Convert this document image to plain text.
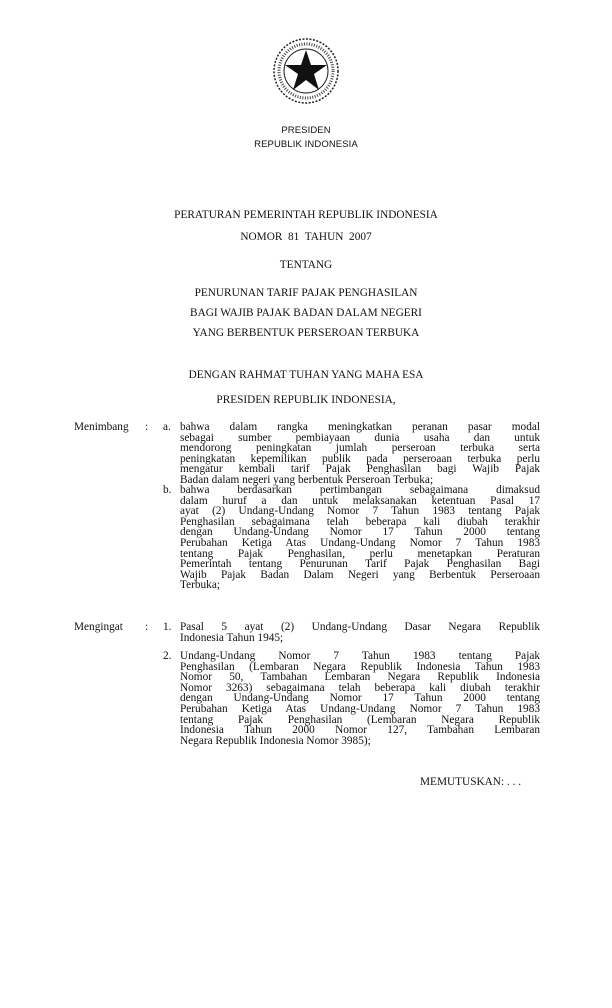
PRESIDEN
REPUBLIK INDONESIA
PERATURAN PEMERINTAH REPUBLIK INDONESIA
NOMOR  81  TAHUN  2007
TENTANG
PENURUNAN TARIF PAJAK PENGHASILAN
BAGI WAJIB PAJAK BADAN DALAM NEGERI
YANG BERBENTUK PERSEROAN TERBUKA
DENGAN RAHMAT TUHAN YANG MAHA ESA
PRESIDEN REPUBLIK INDONESIA,
Menimbang : a. bahwa dalam rangka meningkatkan peranan pasar modal
sebagai sumber pembiayaan dunia usaha dan untuk
mendorong peningkatan jumlah perseroan terbuka serta
peningkatan kepemilikan publik pada perseroaan terbuka perlu
mengatur kembali tarif Pajak Penghasilan bagi Wajib Pajak
Badan dalam negeri yang berbentuk Perseroan Terbuka;
b. bahwa berdasarkan pertimbangan sebagaimana dimaksud
dalam huruf a dan untuk melaksanakan ketentuan Pasal 17
ayat (2) Undang-Undang Nomor 7 Tahun 1983 tentang Pajak
Penghasilan sebagaimana telah beberapa kali diubah terakhir
dengan Undang-Undang Nomor 17 Tahun 2000 tentang
Perubahan Ketiga Atas Undang-Undang Nomor 7 Tahun 1983
tentang Pajak Penghasilan, perlu menetapkan Peraturan
Pemerintah tentang Penurunan Tarif Pajak Penghasilan Bagi
Wajib Pajak Badan Dalam Negeri yang Berbentuk Perseroaan
Terbuka;
Mengingat : 1. Pasal 5 ayat (2) Undang-Undang Dasar Negara Republik
Indonesia Tahun 1945;
2. Undang-Undang Nomor 7 Tahun 1983 tentang Pajak
Penghasilan (Lembaran Negara Republik Indonesia Tahun 1983
Nomor 50, Tambahan Lembaran Negara Republik Indonesia
Nomor 3263) sebagaimana telah beberapa kali diubah terakhir
dengan Undang-Undang Nomor 17 Tahun 2000 tentang
Perubahan Ketiga Atas Undang-Undang Nomor 7 Tahun 1983
tentang Pajak Penghasilan (Lembaran Negara Republik
Indonesia Tahun 2000 Nomor 127, Tambahan Lembaran
Negara Republik Indonesia Nomor 3985);
MEMUTUSKAN: . . .
